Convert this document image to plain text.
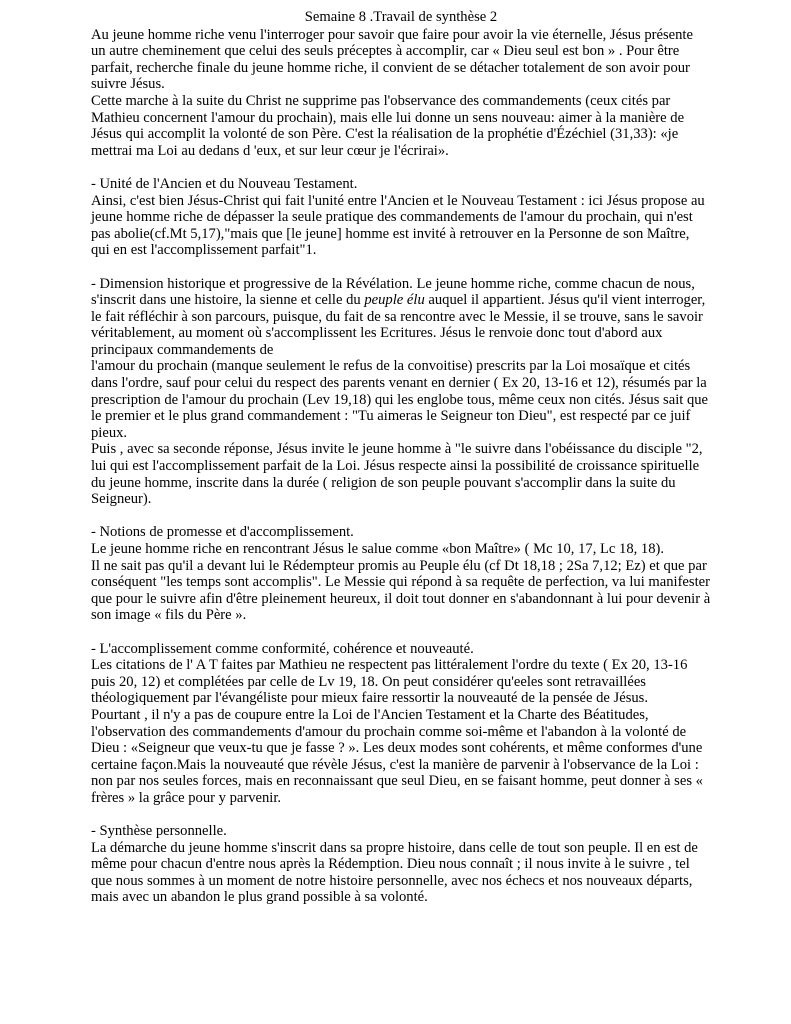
Semaine 8 .Travail de synthèse 2

Au jeune homme riche venu l'interroger pour savoir que faire pour avoir la vie éternelle, Jésus présente un autre cheminement que celui des seuls préceptes à accomplir, car « Dieu seul est bon » . Pour être parfait, recherche finale du jeune homme riche, il convient de se détacher totalement de son avoir pour suivre Jésus.

Cette marche à la suite du Christ ne supprime pas l'observance des commandements (ceux cités par Mathieu concernent l'amour du prochain), mais elle lui donne un sens nouveau: aimer à la manière de Jésus qui accomplit la volonté de son Père. C'est la réalisation de la prophétie d'Ézéchiel (31,33): «je mettrai ma Loi au dedans d 'eux, et sur leur cœur je l'écrirai».

- Unité de l'Ancien et du Nouveau Testament.

Ainsi, c'est bien Jésus-Christ qui fait l'unité entre l'Ancien et le Nouveau Testament : ici Jésus propose au jeune homme riche de dépasser la seule pratique des commandements de l'amour du prochain, qui n'est pas abolie(cf.Mt 5,17),"mais que [le jeune] homme est invité à retrouver en la Personne de son Maître, qui en est l'accomplissement parfait"1.

- Dimension historique et progressive de la Révélation. Le jeune homme riche, comme chacun de nous, s'inscrit dans une histoire, la sienne et celle du peuple élu auquel il appartient. Jésus qu'il vient interroger, le fait réfléchir à son parcours, puisque, du fait de sa rencontre avec le Messie, il se trouve, sans le savoir véritablement, au moment où s'accomplissent les Ecritures. Jésus le renvoie donc tout d'abord aux principaux commandements de

l'amour du prochain (manque seulement le refus de la convoitise) prescrits par la Loi mosaïque et cités dans l'ordre, sauf pour celui du respect des parents venant en dernier ( Ex 20, 13-16 et 12), résumés par la prescription de l'amour du prochain (Lev 19,18) qui les englobe tous, même ceux non cités. Jésus sait que le premier et le plus grand commandement : "Tu aimeras le Seigneur ton Dieu", est respecté par ce juif pieux.

Puis , avec sa seconde réponse, Jésus invite le jeune homme à "le suivre dans l'obéissance du disciple "2, lui qui est l'accomplissement parfait de la Loi. Jésus respecte ainsi la possibilité de croissance spirituelle du jeune homme, inscrite dans la durée ( religion de son peuple pouvant s'accomplir dans la suite du Seigneur).

- Notions de promesse et d'accomplissement.

Le jeune homme riche en rencontrant Jésus le salue comme «bon Maître» ( Mc 10, 17, Lc 18, 18).

Il ne sait pas qu'il a devant lui le Rédempteur promis au Peuple élu (cf Dt 18,18 ; 2Sa 7,12; Ez) et que par conséquent "les temps sont accomplis". Le Messie qui répond à sa requête de perfection, va lui manifester que pour le suivre afin d'être pleinement heureux, il doit tout donner en s'abandonnant à lui pour devenir à son image « fils du Père ».

- L'accomplissement comme conformité, cohérence et nouveauté.

Les citations de l' A T faites par Mathieu ne respectent pas littéralement l'ordre du texte ( Ex 20, 13-16 puis 20, 12) et complétées par celle de Lv 19, 18. On peut considérer qu'eeles sont retravaillées théologiquement par l'évangéliste pour mieux faire ressortir la nouveauté de la pensée de Jésus.

Pourtant , il n'y a pas de coupure entre la Loi de l'Ancien Testament et la Charte des Béatitudes, l'observation des commandements d'amour du prochain comme soi-même et l'abandon à la volonté de Dieu : «Seigneur que veux-tu que je fasse ? ». Les deux modes sont cohérents, et même conformes d'une certaine façon.Mais la nouveauté que révèle Jésus, c'est la manière de parvenir à l'observance de la Loi : non par nos seules forces, mais en reconnaissant que seul Dieu, en se faisant homme, peut donner à ses « frères » la grâce pour y parvenir.

- Synthèse personnelle.

La démarche du jeune homme s'inscrit dans sa propre histoire, dans celle de tout son peuple. Il en est de même pour chacun d'entre nous après la Rédemption. Dieu nous connaît ; il nous invite à le suivre , tel que nous sommes à un moment de notre histoire personnelle, avec nos échecs et nos nouveaux départs, mais avec un abandon le plus grand possible à sa volonté.
